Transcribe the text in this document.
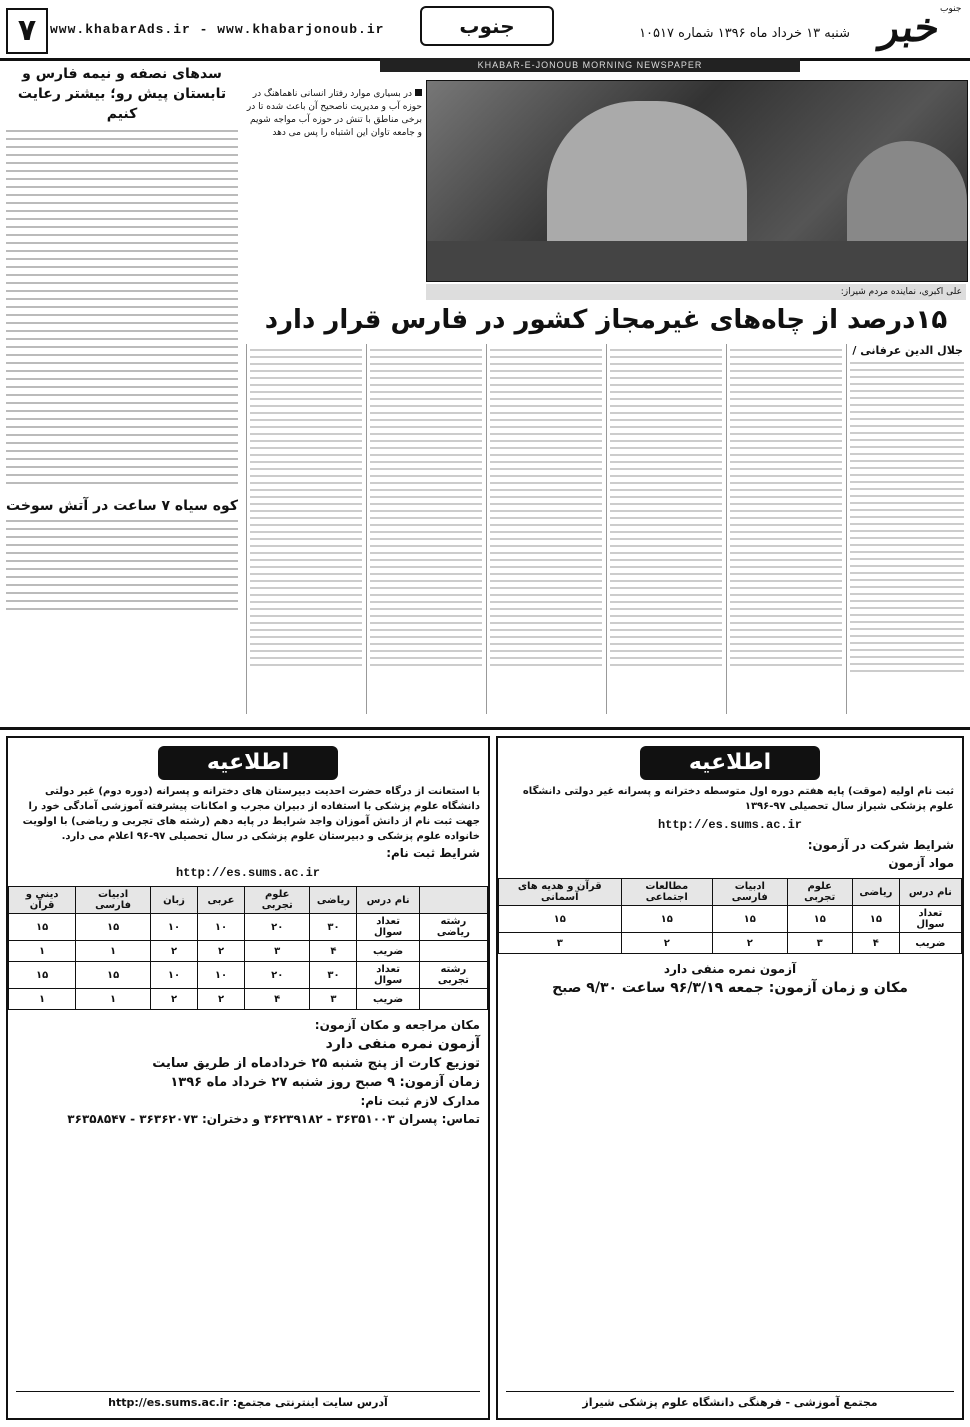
۷	www.khabarAds.ir - www.khabarjonoub.ir	جنوب	شنبه ۱۳ خرداد ماه ۱۳۹۶ شماره ۱۰۵۱۷ خبر
جنوب
KHABAR-E-JONOUB MORNING NEWSPAPER
سدهای نصفه و نیمه فارس و تابستان پیش رو؛ بیشتر رعایت کنیم
کوه سیاه ۷ ساعت در آتش سوخت
در بسیاری موارد رفتار انسانی ناهماهنگ در حوزه آب و مدیریت ناصحیح آن باعث شده تا در برخی مناطق با تنش در حوزه آب مواجه شویم و جامعه تاوان این اشتباه را پس می دهد
علی اکبری، نماینده مردم شیراز:
۱۵درصد از چاه‌های غیرمجاز کشور در فارس قرار دارد
جلال الدین عرفانی /
اطلاعیه
ثبت نام اولیه (موقت) پایه هفتم دوره اول متوسطه دخترانه و پسرانه غیر دولتی دانشگاه علوم پزشکی شیراز سال تحصیلی ۹۷-۱۳۹۶
http://es.sums.ac.ir
شرایط شرکت در آزمون:
مواد آزمون
نام درس	ریاضی	علوم تجربی	ادبیات فارسی	مطالعات اجتماعی	قرآن و هدیه های آسمانی
تعداد سوال	۱۵	۱۵	۱۵	۱۵	۱۵
ضریب	۴	۳	۲	۲	۳
آزمون نمره منفی دارد
مکان و زمان آزمون: جمعه ۹۶/۳/۱۹ ساعت ۹/۳۰ صبح
مجتمع آموزشی - فرهنگی دانشگاه علوم پزشکی شیراز
اطلاعیه
با استعانت از درگاه حضرت احدیت دبیرستان های دخترانه و پسرانه (دوره دوم) غیر دولتی دانشگاه علوم پزشکی با استفاده از دبیران مجرب و امکانات پیشرفته آموزشی آمادگی خود را جهت ثبت نام از دانش آموزان واجد شرایط در پایه دهم (رشته های تجربی و ریاضی) با اولویت خانواده علوم پزشکی و دبیرستان علوم پزشکی در سال تحصیلی ۹۷-۹۶ اعلام می دارد.
شرایط ثبت نام:
http://es.sums.ac.ir
	نام درس	ریاضی	علوم تجربی	عربی	زبان	ادبیات فارسی	دینی و قرآن
رشته ریاضی	تعداد سوال	۳۰	۲۰	۱۰	۱۰	۱۵	۱۵
	ضریب	۴	۳	۲	۲	۱	۱
رشته تجربی	تعداد سوال	۳۰	۲۰	۱۰	۱۰	۱۵	۱۵
	ضریب	۳	۴	۲	۲	۱	۱
مکان مراجعه و مکان آزمون:
آزمون نمره منفی دارد
توزیع کارت از پنج شنبه ۲۵ خردادماه از طریق سایت
زمان آزمون: ۹ صبح روز شنبه ۲۷ خرداد ماه ۱۳۹۶
مدارک لازم ثبت نام:
تماس: پسران ۳۶۳۵۱۰۰۳ - ۳۶۲۳۹۱۸۲ و دختران: ۳۶۳۶۲۰۷۳ - ۳۶۳۵۸۵۴۷
آدرس سایت اینترنتی مجتمع: http://es.sums.ac.ir
